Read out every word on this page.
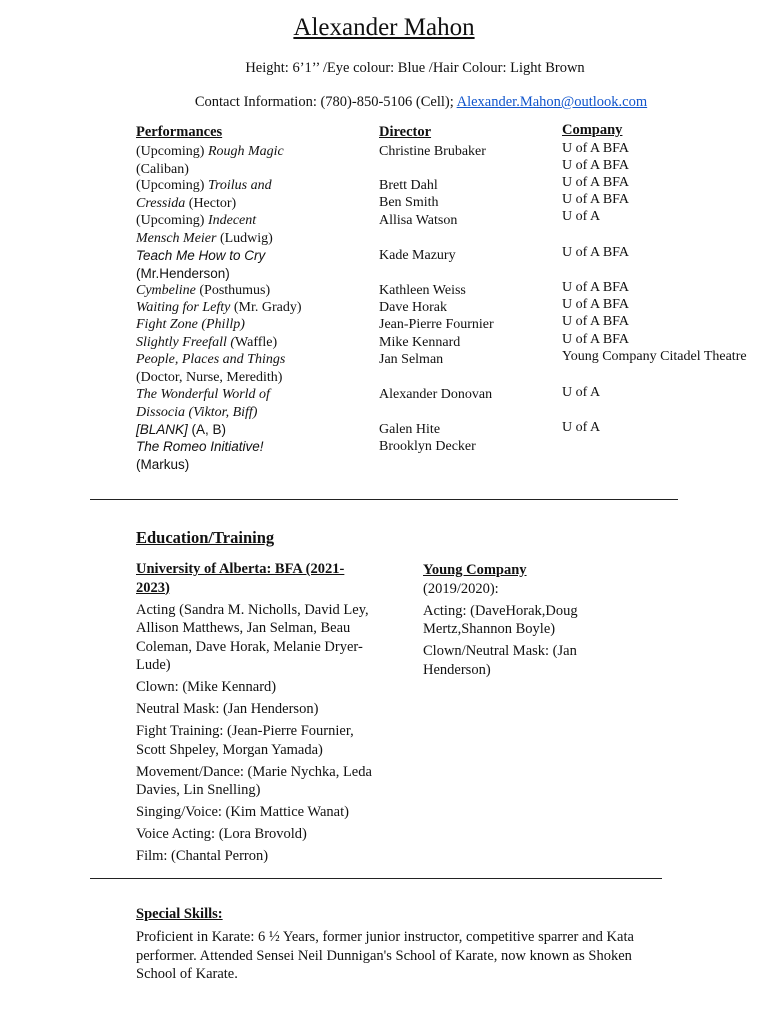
Alexander Mahon
Height: 6’1’’ /Eye colour: Blue /Hair Colour: Light Brown
Contact Information: (780)-850-5106 (Cell); Alexander.Mahon@outlook.com
Performances	Director	Company
(Upcoming) Rough Magic (Caliban)
(Upcoming) Troilus and Cressida (Hector)
(Upcoming) Indecent Mensch Meier (Ludwig)
Teach Me How to Cry (Mr.Henderson)
Cymbeline (Posthumus)
Waiting for Lefty (Mr. Grady)
Fight Zone (Phillp)
Slightly Freefall (Waffle)
People, Places and Things (Doctor, Nurse, Meredith)
The Wonderful World of Dissocia (Viktor, Biff)
[BLANK] (A, B)
The Romeo Initiative! (Markus)
Christine Brubaker
Brett Dahl
Ben Smith
Allisa Watson
Kade Mazury
Kathleen Weiss
Dave Horak
Jean-Pierre Fournier
Mike Kennard
Jan Selman
Alexander Donovan
Galen Hite
Brooklyn Decker
U of A BFA
U of A BFA
U of A BFA
U of A BFA
U of A
U of A BFA
U of A BFA
U of A BFA
U of A BFA
U of A BFA
Young Company Citadel Theatre
U of A
U of A
Education/Training

University of Alberta: BFA (2021-2023)

Acting (Sandra M. Nicholls, David Ley, Allison Matthews, Jan Selman, Beau Coleman, Dave Horak, Melanie Dryer-Lude)

Clown: (Mike Kennard)

Neutral Mask: (Jan Henderson)

Fight Training: (Jean-Pierre Fournier, Scott Shpeley, Morgan Yamada)

Movement/Dance: (Marie Nychka, Leda Davies, Lin Snelling)

Singing/Voice: (Kim Mattice Wanat)

Voice Acting: (Lora Brovold)

Film: (Chantal Perron)

Young Company (2019/2020):

Acting: (DaveHorak,Doug Mertz,Shannon Boyle)

Clown/Neutral Mask: (Jan Henderson)

Special Skills:
Proficient in Karate: 6 ½ Years, former junior instructor, competitive sparrer and Kata performer. Attended Sensei Neil Dunnigan's School of Karate, now known as Shoken School of Karate.
